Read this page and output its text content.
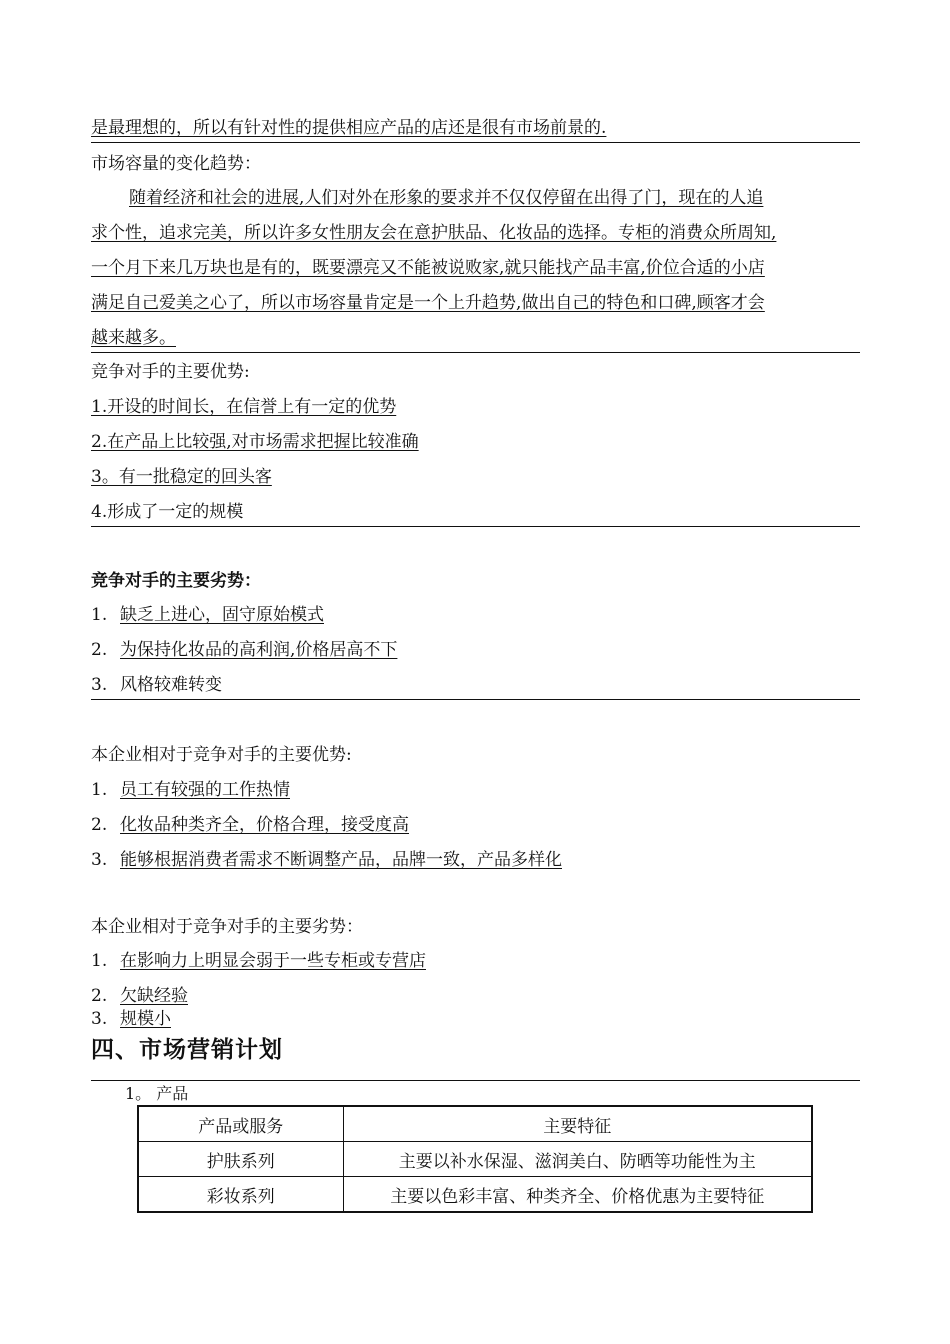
是最理想的，所以有针对性的提供相应产品的店还是很有市场前景的.
市场容量的变化趋势：
随着经济和社会的进展,人们对外在形象的要求并不仅仅停留在出得了门，现在的人追
求个性，追求完美，所以许多女性朋友会在意护肤品、化妆品的选择。专柜的消费众所周知,
一个月下来几万块也是有的，既要漂亮又不能被说败家,就只能找产品丰富,价位合适的小店
满足自己爱美之心了，所以市场容量肯定是一个上升趋势,做出自己的特色和口碑,顾客才会
越来越多。
竞争对手的主要优势:
1.开设的时间长，在信誉上有一定的优势
2.在产品上比较强,对市场需求把握比较准确
3。有一批稳定的回头客
4.形成了一定的规模
竞争对手的主要劣势：
1. 缺乏上进心，固守原始模式
2. 为保持化妆品的高利润,价格居高不下
3. 风格较难转变
本企业相对于竞争对手的主要优势:
1. 员工有较强的工作热情
2. 化妆品种类齐全，价格合理，接受度高
3. 能够根据消费者需求不断调整产品，品牌一致，产品多样化
本企业相对于竞争对手的主要劣势：
1. 在影响力上明显会弱于一些专柜或专营店
2. 欠缺经验
3. 规模小
四、市场营销计划
1。 产品
产品或服务	主要特征
护肤系列	主要以补水保湿、滋润美白、防晒等功能性为主
彩妆系列	主要以色彩丰富、种类齐全、价格优惠为主要特征
